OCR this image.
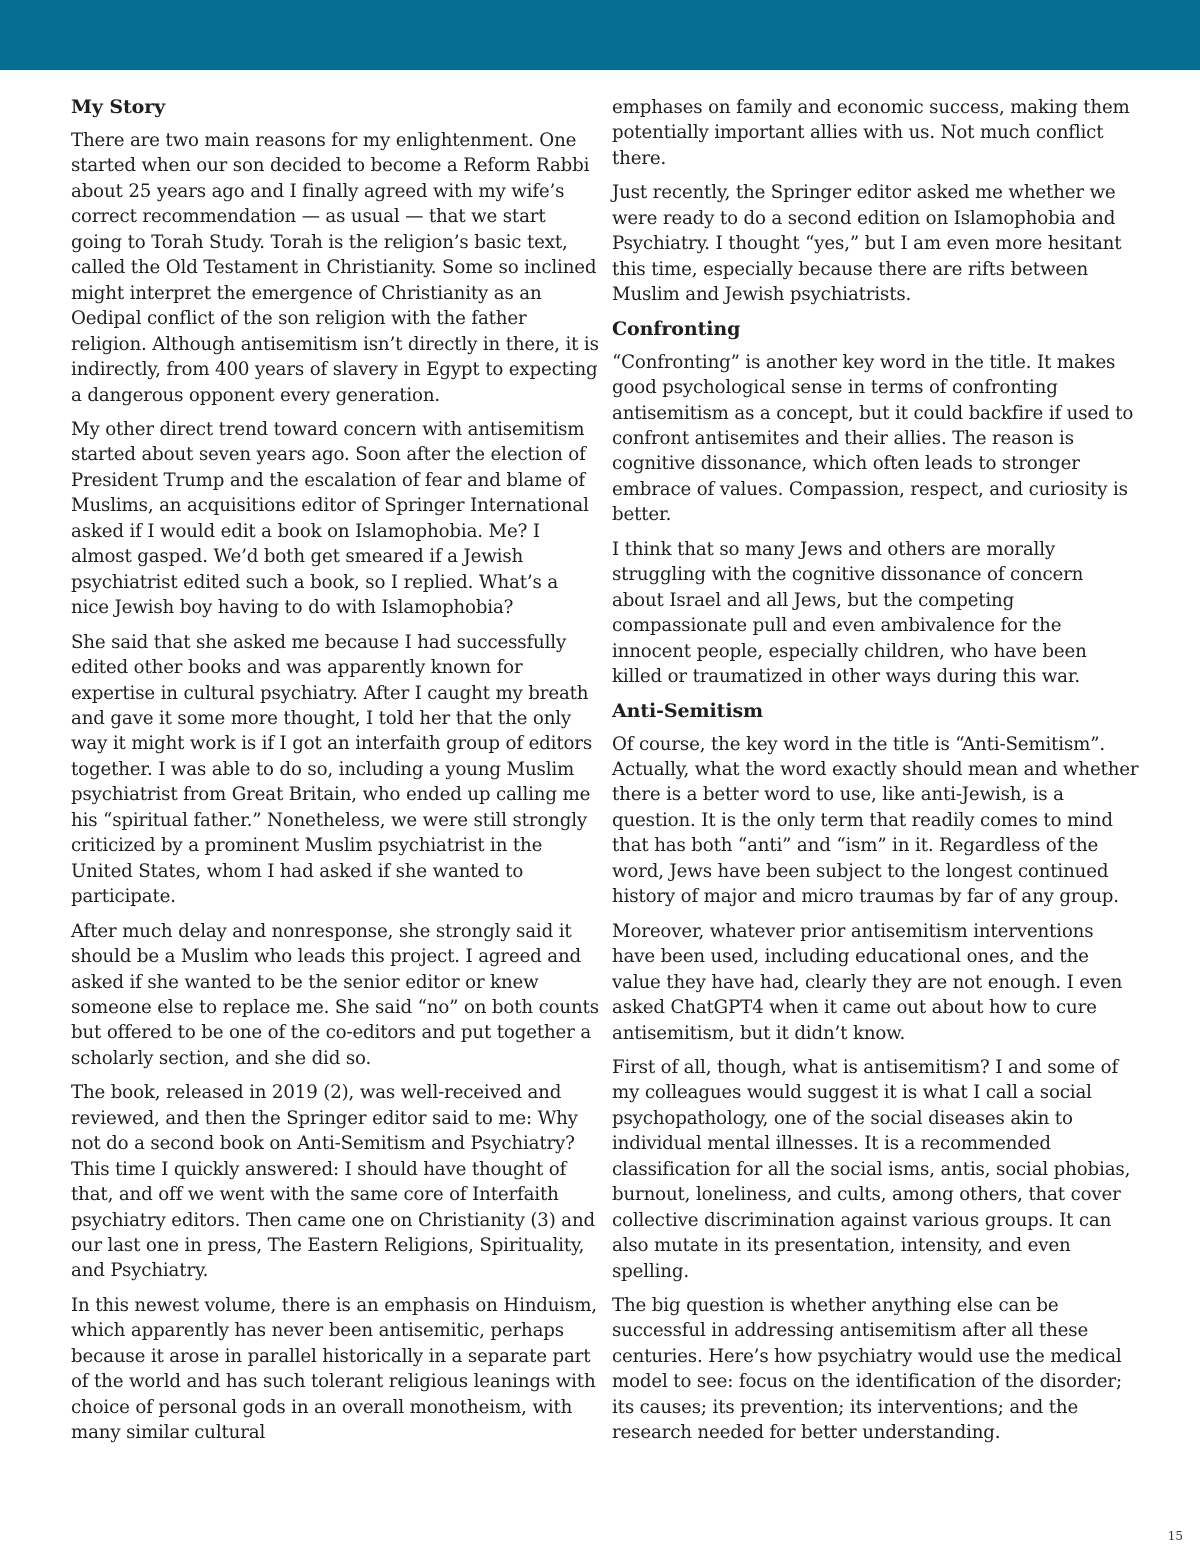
My Story

There are two main reasons for my enlightenment. One started when our son decided to become a Reform Rabbi about 25 years ago and I finally agreed with my wife’s correct recommendation — as usual — that we start going to Torah Study. Torah is the religion’s basic text, called the Old Testament in Christianity. Some so inclined might interpret the emergence of Christianity as an Oedipal conflict of the son religion with the father religion. Although antisemitism isn’t directly in there, it is indirectly, from 400 years of slavery in Egypt to expecting a dangerous opponent every generation.

My other direct trend toward concern with antisemitism started about seven years ago. Soon after the election of President Trump and the escalation of fear and blame of Muslims, an acquisitions editor of Springer International asked if I would edit a book on Islamophobia. Me? I almost gasped. We’d both get smeared if a Jewish psychiatrist edited such a book, so I replied. What’s a nice Jewish boy having to do with Islamophobia?

She said that she asked me because I had successfully edited other books and was apparently known for expertise in cultural psychiatry. After I caught my breath and gave it some more thought, I told her that the only way it might work is if I got an interfaith group of editors together. I was able to do so, including a young Muslim psychiatrist from Great Britain, who ended up calling me his “spiritual father.” Nonetheless, we were still strongly criticized by a prominent Muslim psychiatrist in the United States, whom I had asked if she wanted to participate.

After much delay and nonresponse, she strongly said it should be a Muslim who leads this project. I agreed and asked if she wanted to be the senior editor or knew someone else to replace me. She said “no” on both counts but offered to be one of the co-editors and put together a scholarly section, and she did so.

The book, released in 2019 (2), was well-received and reviewed, and then the Springer editor said to me: Why not do a second book on Anti-Semitism and Psychiatry? This time I quickly answered: I should have thought of that, and off we went with the same core of Interfaith psychiatry editors. Then came one on Christianity (3) and our last one in press, The Eastern Religions, Spirituality, and Psychiatry.

In this newest volume, there is an emphasis on Hinduism, which apparently has never been antisemitic, perhaps because it arose in parallel historically in a separate part of the world and has such tolerant religious leanings with choice of personal gods in an overall monotheism, with many similar cultural

emphases on family and economic success, making them potentially important allies with us. Not much conflict there.

Just recently, the Springer editor asked me whether we were ready to do a second edition on Islamophobia and Psychiatry. I thought “yes,” but I am even more hesitant this time, especially because there are rifts between Muslim and Jewish psychiatrists.

Confronting

“Confronting” is another key word in the title. It makes good psychological sense in terms of confronting antisemitism as a concept, but it could backfire if used to confront antisemites and their allies. The reason is cognitive dissonance, which often leads to stronger embrace of values. Compassion, respect, and curiosity is better.

I think that so many Jews and others are morally struggling with the cognitive dissonance of concern about Israel and all Jews, but the competing compassionate pull and even ambivalence for the innocent people, especially children, who have been killed or traumatized in other ways during this war.

Anti-Semitism

Of course, the key word in the title is “Anti-Semitism”. Actually, what the word exactly should mean and whether there is a better word to use, like anti-Jewish, is a question. It is the only term that readily comes to mind that has both “anti” and “ism” in it. Regardless of the word, Jews have been subject to the longest continued history of major and micro traumas by far of any group.

Moreover, whatever prior antisemitism interventions have been used, including educational ones, and the value they have had, clearly they are not enough. I even asked ChatGPT4 when it came out about how to cure antisemitism, but it didn’t know.

First of all, though, what is antisemitism? I and some of my colleagues would suggest it is what I call a social psychopathology, one of the social diseases akin to individual mental illnesses. It is a recommended classification for all the social isms, antis, social phobias, burnout, loneliness, and cults, among others, that cover collective discrimination against various groups. It can also mutate in its presentation, intensity, and even spelling.

The big question is whether anything else can be successful in addressing antisemitism after all these centuries. Here’s how psychiatry would use the medical model to see: focus on the identification of the disorder; its causes; its prevention; its interventions; and the research needed for better understanding.

15
